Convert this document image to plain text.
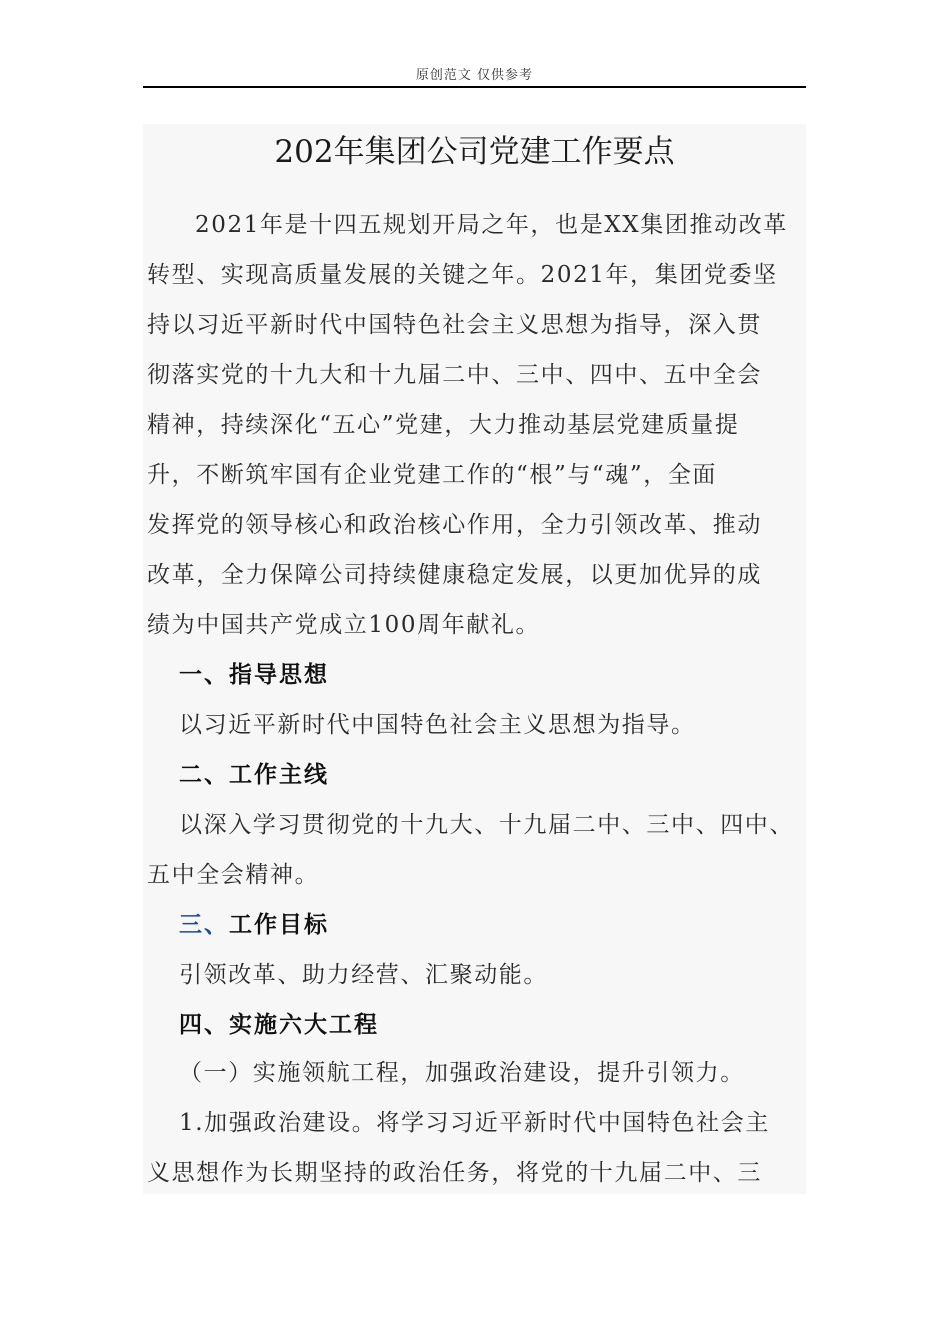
原创范文 仅供参考
202年集团公司党建工作要点
2021年是十四五规划开局之年，也是XX集团推动改革
转型、实现高质量发展的关键之年。2021年，集团党委坚
持以习近平新时代中国特色社会主义思想为指导，深入贯
彻落实党的十九大和十九届二中、三中、四中、五中全会
精神，持续深化“五心”党建，大力推动基层党建质量提
升，不断筑牢国有企业党建工作的“根”与“魂”，全面
发挥党的领导核心和政治核心作用，全力引领改革、推动
改革，全力保障公司持续健康稳定发展，以更加优异的成
绩为中国共产党成立100周年献礼。
一、指导思想
以习近平新时代中国特色社会主义思想为指导。
二、工作主线
以深入学习贯彻党的十九大、十九届二中、三中、四中、
五中全会精神。
三、工作目标
引领改革、助力经营、汇聚动能。
四、实施六大工程
（一）实施领航工程，加强政治建设，提升引领力。
1.加强政治建设。将学习习近平新时代中国特色社会主
义思想作为长期坚持的政治任务，将党的十九届二中、三
